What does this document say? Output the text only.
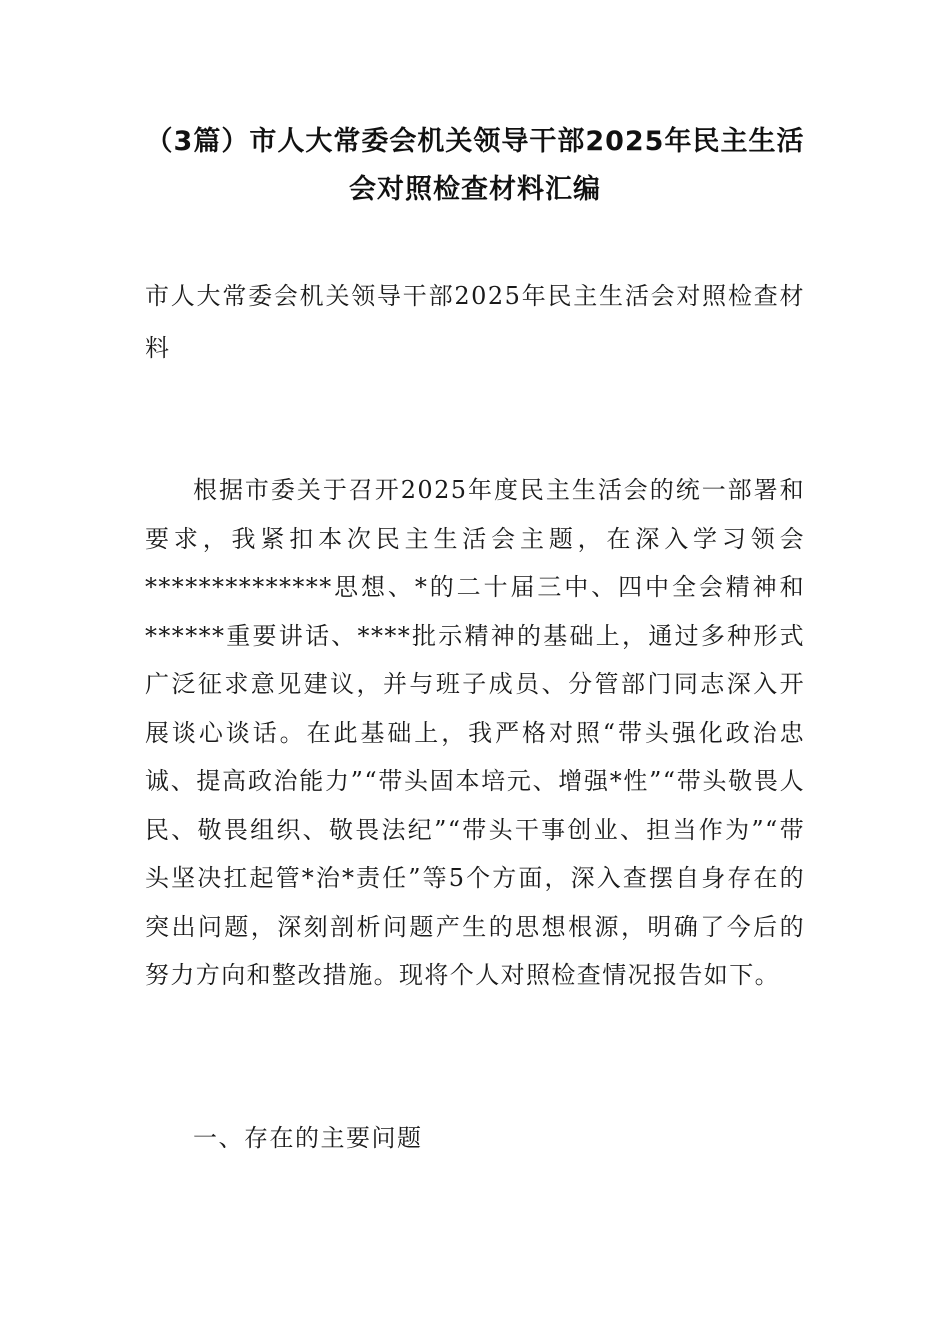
（3篇）市人大常委会机关领导干部2025年民主生活会对照检查材料汇编
市人大常委会机关领导干部2025年民主生活会对照检查材料

根据市委关于召开2025年度民主生活会的统一部署和要求，我紧扣本次民主生活会主题，在深入学习领会**************思想、*的二十届三中、四中全会精神和******重要讲话、****批示精神的基础上，通过多种形式广泛征求意见建议，并与班子成员、分管部门同志深入开展谈心谈话。在此基础上，我严格对照“带头强化政治忠诚、提高政治能力”“带头固本培元、增强*性”“带头敬畏人民、敬畏组织、敬畏法纪”“带头干事创业、担当作为”“带头坚决扛起管*治*责任”等5个方面，深入查摆自身存在的突出问题，深刻剖析问题产生的思想根源，明确了今后的努力方向和整改措施。现将个人对照检查情况报告如下。

一、存在的主要问题
